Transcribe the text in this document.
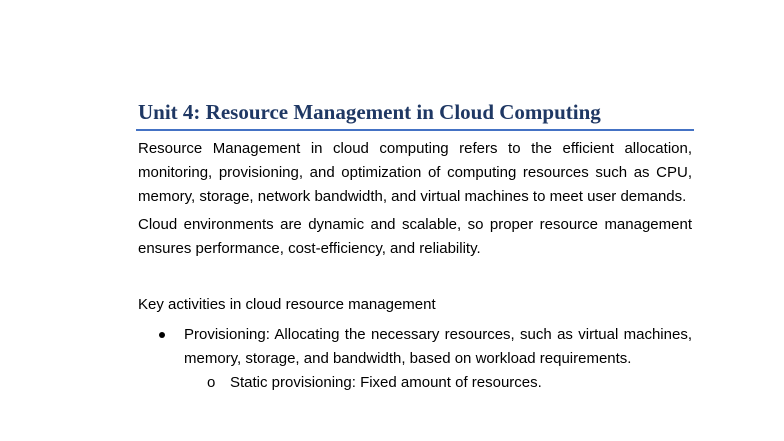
Unit 4: Resource Management in Cloud Computing

Resource Management in cloud computing refers to the efficient allocation, monitoring, provisioning, and optimization of computing resources such as CPU, memory, storage, network bandwidth, and virtual machines to meet user demands.

Cloud environments are dynamic and scalable, so proper resource management ensures performance, cost-efficiency, and reliability.

Key activities in cloud resource management

Provisioning: Allocating the necessary resources, such as virtual machines, memory, storage, and bandwidth, based on workload requirements.
o Static provisioning: Fixed amount of resources.
